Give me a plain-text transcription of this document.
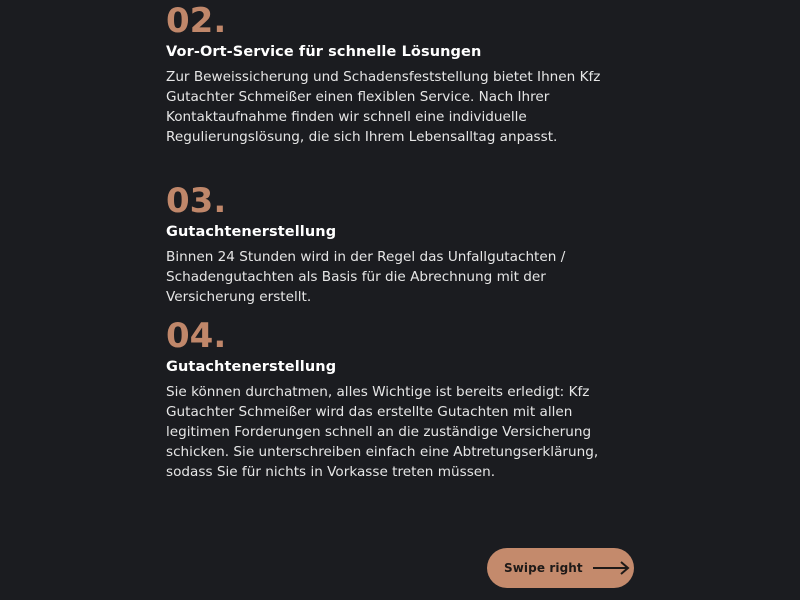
02.
Vor-Ort-Service für schnelle Lösungen

Zur Beweissicherung und Schadensfeststellung bietet Ihnen Kfz Gutachter Schmeißer einen flexiblen Service. Nach Ihrer Kontaktaufnahme finden wir schnell eine individuelle Regulierungslösung, die sich Ihrem Lebensalltag anpasst.

03.
Gutachtenerstellung

Binnen 24 Stunden wird in der Regel das Unfallgutachten / Schadengutachten als Basis für die Abrechnung mit der Versicherung erstellt.

04.
Gutachtenerstellung

Sie können durchatmen, alles Wichtige ist bereits erledigt: Kfz Gutachter Schmeißer wird das erstellte Gutachten mit allen legitimen Forderungen schnell an die zuständige Versicherung schicken. Sie unterschreiben einfach eine Abtretungserklärung, sodass Sie für nichts in Vorkasse treten müssen.

Swipe right
